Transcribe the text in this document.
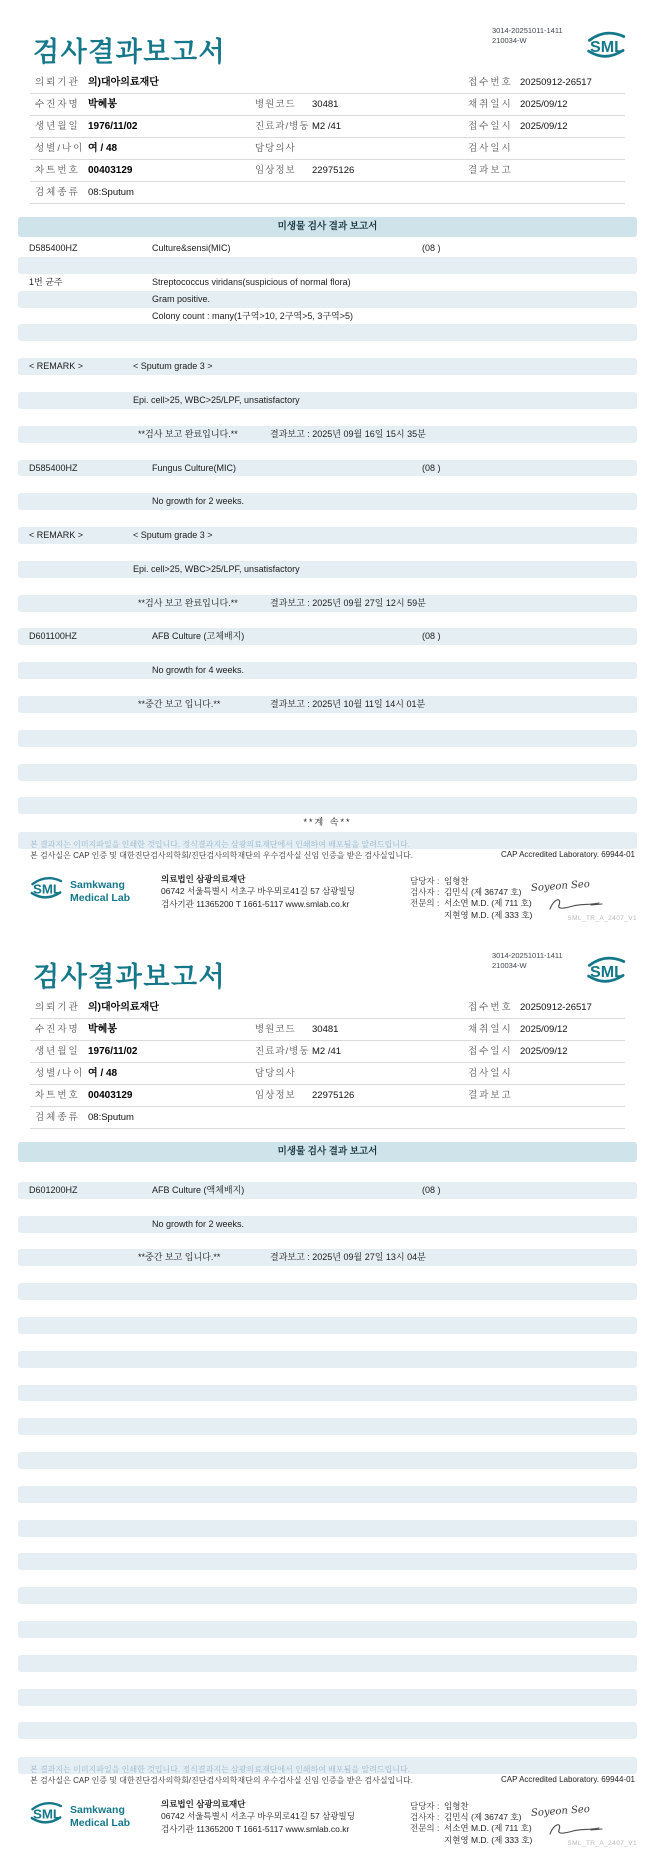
검사결과보고서
3014-20251011-1411
210034-W	SML
의뢰기관 의)대아의료재단	접수번호 20250912-26517
수진자명 박혜봉	병원코드 30481	채취일시 2025/09/12
생년월일 1976/11/02	진료과/병동 M2 /41	접수일시 2025/09/12
성별/나이 여 / 48	담당의사	검사일시
차트번호 00403129	임상정보 22975126	결과보고
검체종류 08:Sputum
미생물 검사 결과 보고서
D585400HZ	Culture&sensi(MIC)	(08 )
1번 균주	Streptococcus viridans(suspicious of normal flora)
Gram positive.
Colony count : many(1구역>10, 2구역>5, 3구역>5)
< REMARK >	< Sputum grade 3 >
Epi. cell>25, WBC>25/LPF, unsatisfactory
**검사 보고 완료입니다.**	결과보고 : 2025년 09월 16일 15시 35분
D585400HZ	Fungus Culture(MIC)	(08 )
No growth for 2 weeks.
< REMARK >	< Sputum grade 3 >
Epi. cell>25, WBC>25/LPF, unsatisfactory
**검사 보고 완료입니다.**	결과보고 : 2025년 09월 27일 12시 59분
D601100HZ	AFB Culture (고체배지)	(08 )
No growth for 4 weeks.
**중간 보고 입니다.**	결과보고 : 2025년 10월 11일 14시 01분
**계 속**
본 결과지는 이미지파일을 인쇄한 것입니다. 정식결과지는 삼광의료재단에서 인쇄하여 배포됨을 알려드립니다.
본 검사실은 CAP 인증 및 대한진단검사의학회/진단검사의학재단의 우수검사실 신임 인증을 받은 검사실입니다.	CAP Accredited Laboratory. 69944-01
SML Samkwang
Medical Lab
의료법인 삼광의료재단
06742 서울특별시 서초구 바우뫼로41길 57 삼광빌딩
검사기관 11365200 T 1661-5117 www.smlab.co.kr
담당자 : 임형찬
검사자 : 김민식 (제 36747 호)
전문의 : 서소연 M.D. (제 711 호)
지현영 M.D. (제 333 호)
Soyeon Seo
SML_TR_A_2407_V1
검사결과보고서
3014-20251011-1411
210034-W	SML
의뢰기관 의)대아의료재단	접수번호 20250912-26517
수진자명 박혜봉	병원코드 30481	채취일시 2025/09/12
생년월일 1976/11/02	진료과/병동 M2 /41	접수일시 2025/09/12
성별/나이 여 / 48	담당의사	검사일시
차트번호 00403129	임상정보 22975126	결과보고
검체종류 08:Sputum
미생물 검사 결과 보고서
D601200HZ	AFB Culture (액체배지)	(08 )
No growth for 2 weeks.
**중간 보고 입니다.**	결과보고 : 2025년 09월 27일 13시 04분
본 결과지는 이미지파일을 인쇄한 것입니다. 정식결과지는 삼광의료재단에서 인쇄하여 배포됨을 알려드립니다.
본 검사실은 CAP 인증 및 대한진단검사의학회/진단검사의학재단의 우수검사실 신임 인증을 받은 검사실입니다.	CAP Accredited Laboratory. 69944-01
SML Samkwang
Medical Lab
의료법인 삼광의료재단
06742 서울특별시 서초구 바우뫼로41길 57 삼광빌딩
검사기관 11365200 T 1661-5117 www.smlab.co.kr
담당자 : 임형찬
검사자 : 김민식 (제 36747 호)
전문의 : 서소연 M.D. (제 711 호)
지현영 M.D. (제 333 호)
Soyeon Seo
SML_TR_A_2407_V1
